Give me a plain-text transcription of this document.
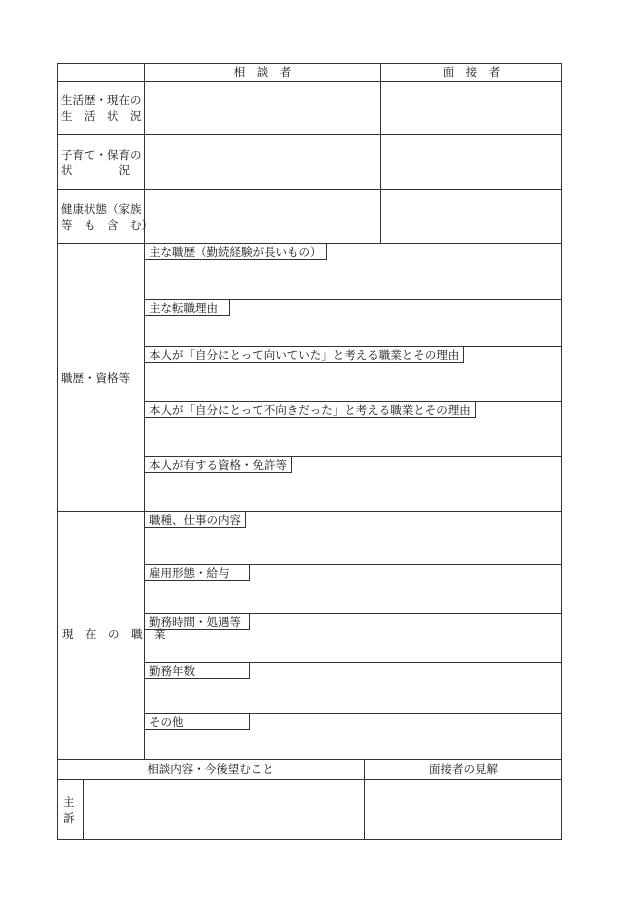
相　談　者	面　接　者
生活歴・現在の
生　活　状　況
子育て・保育の
状　　　　況
健康状態（家族
等　も　含　む）
職歴・資格等
主な職歴（勤続経験が長いもの）
主な転職理由
本人が「自分にとって向いていた」と考える職業とその理由
本人が「自分にとって不向きだった」と考える職業とその理由
本人が有する資格・免許等
現　在　の　職　業
職種、仕事の内容
雇用形態・給与
勤務時間・処遇等
勤務年数
その他
相談内容・今後望むこと	面接者の見解
主
訴
